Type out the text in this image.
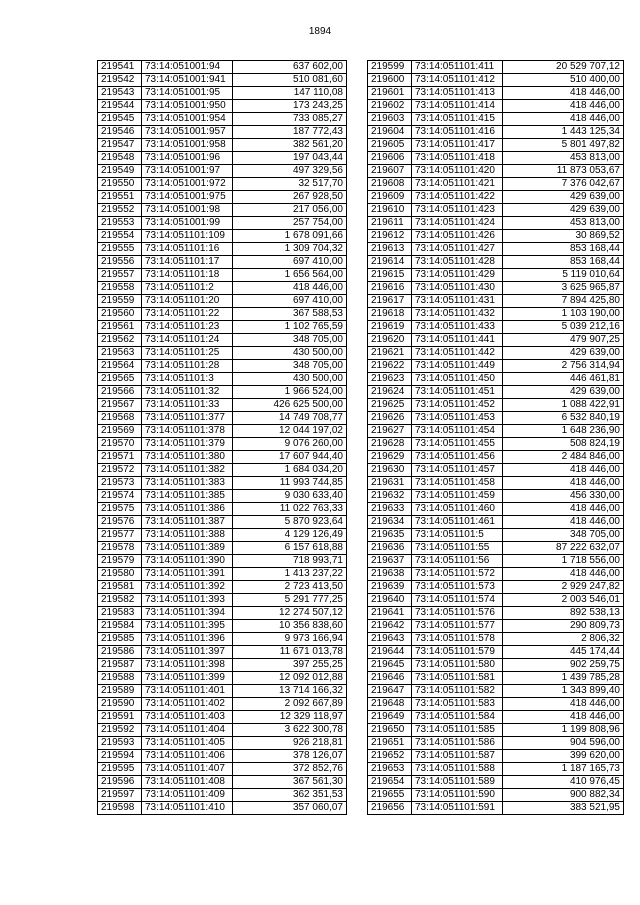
1894
219541	73:14:051001:94	637 602,00
219542	73:14:051001:941	510 081,60
219543	73:14:051001:95	147 110,08
219544	73:14:051001:950	173 243,25
219545	73:14:051001:954	733 085,27
219546	73:14:051001:957	187 772,43
219547	73:14:051001:958	382 561,20
219548	73:14:051001:96	197 043,44
219549	73:14:051001:97	497 329,56
219550	73:14:051001:972	32 517,70
219551	73:14:051001:975	267 928,50
219552	73:14:051001:98	217 056,00
219553	73:14:051001:99	257 754,00
219554	73:14:051101:109	1 678 091,66
219555	73:14:051101:16	1 309 704,32
219556	73:14:051101:17	697 410,00
219557	73:14:051101:18	1 656 564,00
219558	73:14:051101:2	418 446,00
219559	73:14:051101:20	697 410,00
219560	73:14:051101:22	367 588,53
219561	73:14:051101:23	1 102 765,59
219562	73:14:051101:24	348 705,00
219563	73:14:051101:25	430 500,00
219564	73:14:051101:28	348 705,00
219565	73:14:051101:3	430 500,00
219566	73:14:051101:32	1 966 524,00
219567	73:14:051101:33	426 625 500,00
219568	73:14:051101:377	14 749 708,77
219569	73:14:051101:378	12 044 197,02
219570	73:14:051101:379	9 076 260,00
219571	73:14:051101:380	17 607 944,40
219572	73:14:051101:382	1 684 034,20
219573	73:14:051101:383	11 993 744,85
219574	73:14:051101:385	9 030 633,40
219575	73:14:051101:386	11 022 763,33
219576	73:14:051101:387	5 870 923,64
219577	73:14:051101:388	4 129 126,49
219578	73:14:051101:389	6 157 618,88
219579	73:14:051101:390	718 993,71
219580	73:14:051101:391	1 413 237,22
219581	73:14:051101:392	2 723 413,50
219582	73:14:051101:393	5 291 777,25
219583	73:14:051101:394	12 274 507,12
219584	73:14:051101:395	10 356 838,60
219585	73:14:051101:396	9 973 166,94
219586	73:14:051101:397	11 671 013,78
219587	73:14:051101:398	397 255,25
219588	73:14:051101:399	12 092 012,88
219589	73:14:051101:401	13 714 166,32
219590	73:14:051101:402	2 092 667,89
219591	73:14:051101:403	12 329 118,97
219592	73:14:051101:404	3 622 300,78
219593	73:14:051101:405	926 218,81
219594	73:14:051101:406	378 126,07
219595	73:14:051101:407	372 852,76
219596	73:14:051101:408	367 561,30
219597	73:14:051101:409	362 351,53
219598	73:14:051101:410	357 060,07
219599	73:14:051101:411	20 529 707,12
219600	73:14:051101:412	510 400,00
219601	73:14:051101:413	418 446,00
219602	73:14:051101:414	418 446,00
219603	73:14:051101:415	418 446,00
219604	73:14:051101:416	1 443 125,34
219605	73:14:051101:417	5 801 497,82
219606	73:14:051101:418	453 813,00
219607	73:14:051101:420	11 873 053,67
219608	73:14:051101:421	7 376 042,67
219609	73:14:051101:422	429 639,00
219610	73:14:051101:423	429 639,00
219611	73:14:051101:424	453 813,00
219612	73:14:051101:426	30 869,52
219613	73:14:051101:427	853 168,44
219614	73:14:051101:428	853 168,44
219615	73:14:051101:429	5 119 010,64
219616	73:14:051101:430	3 625 965,87
219617	73:14:051101:431	7 894 425,80
219618	73:14:051101:432	1 103 190,00
219619	73:14:051101:433	5 039 212,16
219620	73:14:051101:441	479 907,25
219621	73:14:051101:442	429 639,00
219622	73:14:051101:449	2 756 314,94
219623	73:14:051101:450	446 461,81
219624	73:14:051101:451	429 639,00
219625	73:14:051101:452	1 088 422,91
219626	73:14:051101:453	6 532 840,19
219627	73:14:051101:454	1 648 236,90
219628	73:14:051101:455	508 824,19
219629	73:14:051101:456	2 484 846,00
219630	73:14:051101:457	418 446,00
219631	73:14:051101:458	418 446,00
219632	73:14:051101:459	456 330,00
219633	73:14:051101:460	418 446,00
219634	73:14:051101:461	418 446,00
219635	73:14:051101:5	348 705,00
219636	73:14:051101:55	87 222 632,07
219637	73:14:051101:56	1 718 556,00
219638	73:14:051101:572	418 446,00
219639	73:14:051101:573	2 929 247,82
219640	73:14:051101:574	2 003 546,01
219641	73:14:051101:576	892 538,13
219642	73:14:051101:577	290 809,73
219643	73:14:051101:578	2 806,32
219644	73:14:051101:579	445 174,44
219645	73:14:051101:580	902 259,75
219646	73:14:051101:581	1 439 785,28
219647	73:14:051101:582	1 343 899,40
219648	73:14:051101:583	418 446,00
219649	73:14:051101:584	418 446,00
219650	73:14:051101:585	1 199 808,96
219651	73:14:051101:586	904 596,00
219652	73:14:051101:587	399 620,00
219653	73:14:051101:588	1 187 165,73
219654	73:14:051101:589	410 976,45
219655	73:14:051101:590	900 882,34
219656	73:14:051101:591	383 521,95
